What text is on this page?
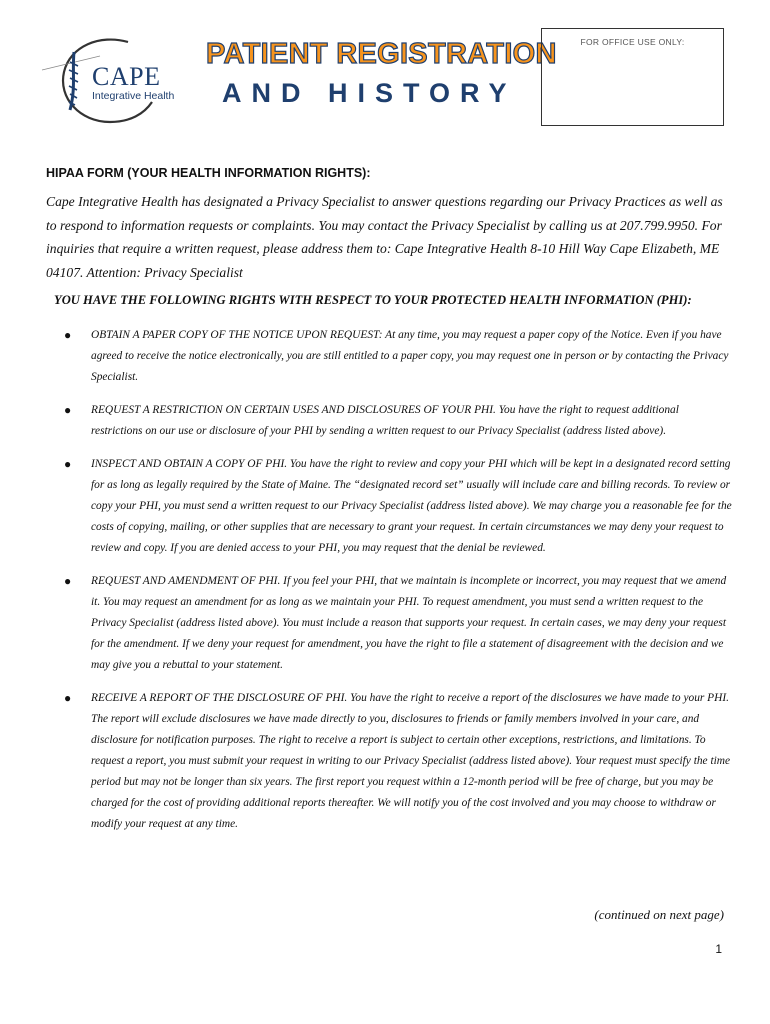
CAPE
Integrative Health
PATIENT REGISTRATION
AND HISTORY
FOR OFFICE USE ONLY:
HIPAA FORM (YOUR HEALTH INFORMATION RIGHTS):
Cape Integrative Health has designated a Privacy Specialist to answer questions regarding our Privacy Practices as well as to respond to information requests or complaints. You may contact the Privacy Specialist by calling us at 207.799.9950. For inquiries that require a written request, please address them to: Cape Integrative Health 8-10 Hill Way Cape Elizabeth, ME 04107. Attention: Privacy Specialist
YOU HAVE THE FOLLOWING RIGHTS WITH RESPECT TO YOUR PROTECTED HEALTH INFORMATION (PHI):
● OBTAIN A PAPER COPY OF THE NOTICE UPON REQUEST: At any time, you may request a paper copy of the Notice. Even if you have agreed to receive the notice electronically, you are still entitled to a paper copy, you may request one in person or by contacting the Privacy Specialist.
● REQUEST A RESTRICTION ON CERTAIN USES AND DISCLOSURES OF YOUR PHI. You have the right to request additional restrictions on our use or disclosure of your PHI by sending a written request to our Privacy Specialist (address listed above).
● INSPECT AND OBTAIN A COPY OF PHI. You have the right to review and copy your PHI which will be kept in a designated record setting for as long as legally required by the State of Maine. The “designated record set” usually will include care and billing records. To review or copy your PHI, you must send a written request to our Privacy Specialist (address listed above). We may charge you a reasonable fee for the costs of copying, mailing, or other supplies that are necessary to grant your request. In certain circumstances we may deny your request to review and copy. If you are denied access to your PHI, you may request that the denial be reviewed.
● REQUEST AND AMENDMENT OF PHI. If you feel your PHI, that we maintain is incomplete or incorrect, you may request that we amend it. You may request an amendment for as long as we maintain your PHI. To request amendment, you must send a written request to the Privacy Specialist (address listed above). You must include a reason that supports your request. In certain cases, we may deny your request for the amendment. If we deny your request for amendment, you have the right to file a statement of disagreement with the decision and we may give you a rebuttal to your statement.
● RECEIVE A REPORT OF THE DISCLOSURE OF PHI. You have the right to receive a report of the disclosures we have made to your PHI. The report will exclude disclosures we have made directly to you, disclosures to friends or family members involved in your care, and disclosure for notification purposes. The right to receive a report is subject to certain other exceptions, restrictions, and limitations. To request a report, you must submit your request in writing to our Privacy Specialist (address listed above). Your request must specify the time period but may not be longer than six years. The first report you request within a 12-month period will be free of charge, but you may be charged for the cost of providing additional reports thereafter. We will notify you of the cost involved and you may choose to withdraw or modify your request at any time.
(continued on next page)
1
